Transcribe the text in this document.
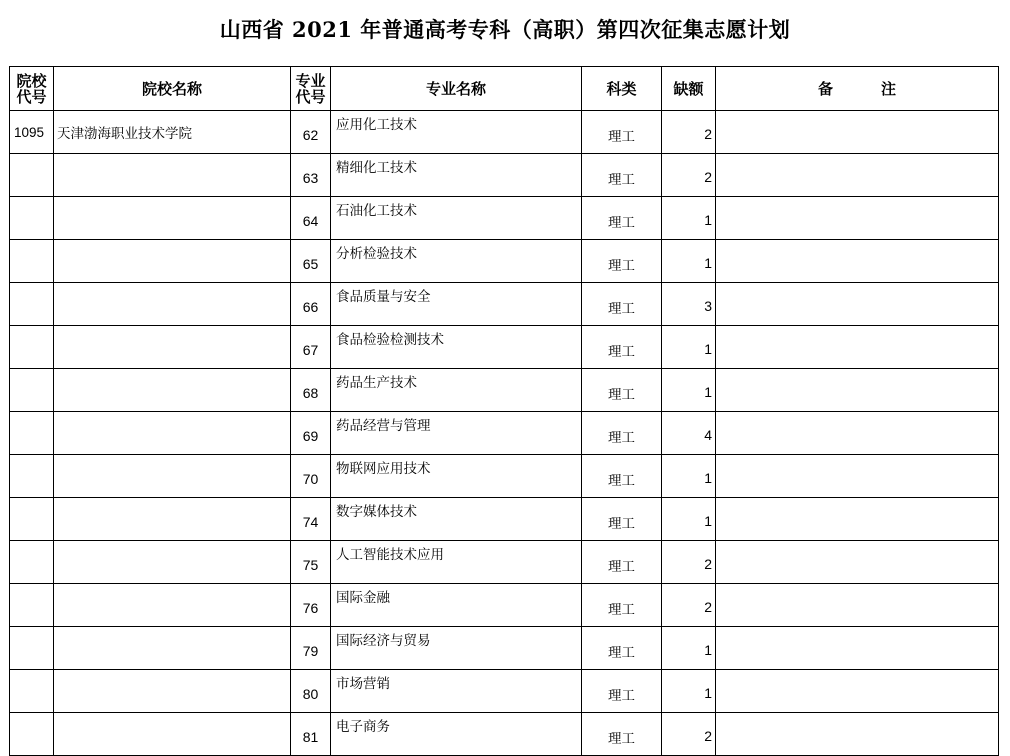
山西省 2021 年普通高考专科（高职）第四次征集志愿计划
院校代号	院校名称	专业代号	专业名称	科类	缺额	备 注
1095	天津渤海职业技术学院	62	应用化工技术	理工	2	
		63	精细化工技术	理工	2	
		64	石油化工技术	理工	1	
		65	分析检验技术	理工	1	
		66	食品质量与安全	理工	3	
		67	食品检验检测技术	理工	1	
		68	药品生产技术	理工	1	
		69	药品经营与管理	理工	4	
		70	物联网应用技术	理工	1	
		74	数字媒体技术	理工	1	
		75	人工智能技术应用	理工	2	
		76	国际金融	理工	2	
		79	国际经济与贸易	理工	1	
		80	市场营销	理工	1	
		81	电子商务	理工	2	
